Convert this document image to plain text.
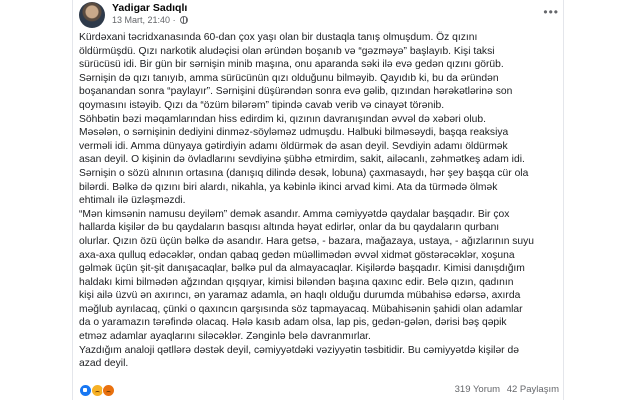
Yadigar Sadıqlı
13 Mart, 21:40 ·
•••

Kürdəxani təcridxanasında 60-dan çox yaşı olan bir dustaqla tanış olmuşdum. Öz qızını

öldürmüşdü. Qızı narkotik aludəçisi olan əründən boşanıb və “gəzməyə” başlayıb. Kişi taksi

sürücüsü idi. Bir gün bir sərnişin minib maşına, onu aparanda səki ilə evə gedən qızını görüb.

Sərnişin də qızı tanıyıb, amma sürücünün qızı olduğunu bilməyib. Qayıdıb ki, bu da əründən

boşanandan sonra “paylayır”. Sərnişini düşürəndən sonra evə gəlib, qızından hərəkətlərinə son

qoymasını istəyib. Qızı da “özüm bilərəm” tipində cavab verib və cinayət törənib.

Söhbətin bəzi məqamlarından hiss edirdim ki, qızının davranışından əvvəl də xəbəri olub.

Məsələn, o sərnişinin dediyini dinməz-söyləməz udmuşdu. Halbuki bilməsəydi, başqa reaksiya

verməli idi. Amma dünyaya gətirdiyin adamı öldürmək də asan deyil. Sevdiyin adamı öldürmək

asan deyil. O kişinin də övladlarını sevdiyinə şübhə etmirdim, sakit, ailəcanlı, zəhmətkeş adam idi.

Sərnişin o sözü alnının ortasına (danışıq dilində desək, lobuna) çaxmasaydı, hər şey başqa cür ola

bilərdi. Bəlkə də qızını biri alardı, nikahla, ya kəbinlə ikinci arvad kimi. Ata da türmədə ölmək

ehtimalı ilə üzləşməzdi.

“Mən kimsənin namusu deyiləm” demək asandır. Amma cəmiyyətdə qaydalar başqadır. Bir çox

hallarda kişilər də bu qaydaların basqısı altında həyat edirlər, onlar da bu qaydaların qurbanı

olurlar. Qızın özü üçün bəlkə də asandır. Hara getsə, - bazara, mağazaya, ustaya, - ağızlarının suyu

axa-axa qulluq edəcəklər, ondan qabaq gedən müəllimədən əvvəl xidmət göstərəcəklər, xoşuna

gəlmək üçün şit-şit danışacaqlar, bəlkə pul da almayacaqlar. Kişilərdə başqadır. Kimisi danışdığım

haldakı kimi bilmədən ağzından qışqıyar, kimisi biləndən başına qaxınc edir. Belə qızın, qadının

kişi ailə üzvü ən axırıncı, ən yaramaz adamla, ən haqlı olduğu durumda mübahisə edərsə, axırda

məğlub ayrılacaq, çünki o qaxıncın qarşısında söz tapmayacaq. Mübahisənin şahidi olan adamlar

da o yaramazın tərəfində olacaq. Hələ kasıb adam olsa, lap pis, gedən-gələn, dərisi bəş qəpik

etməz adamlar ayaqlarını siləcəklər. Zənginlə belə davranmırlar.

Yazdığım analoji qətllərə dəstək deyil, cəmiyyətdəki vəziyyətin təsbitidir. Bu cəmiyyətdə kişilər də

azad deyil.

319 Yorum 42 Paylaşım
